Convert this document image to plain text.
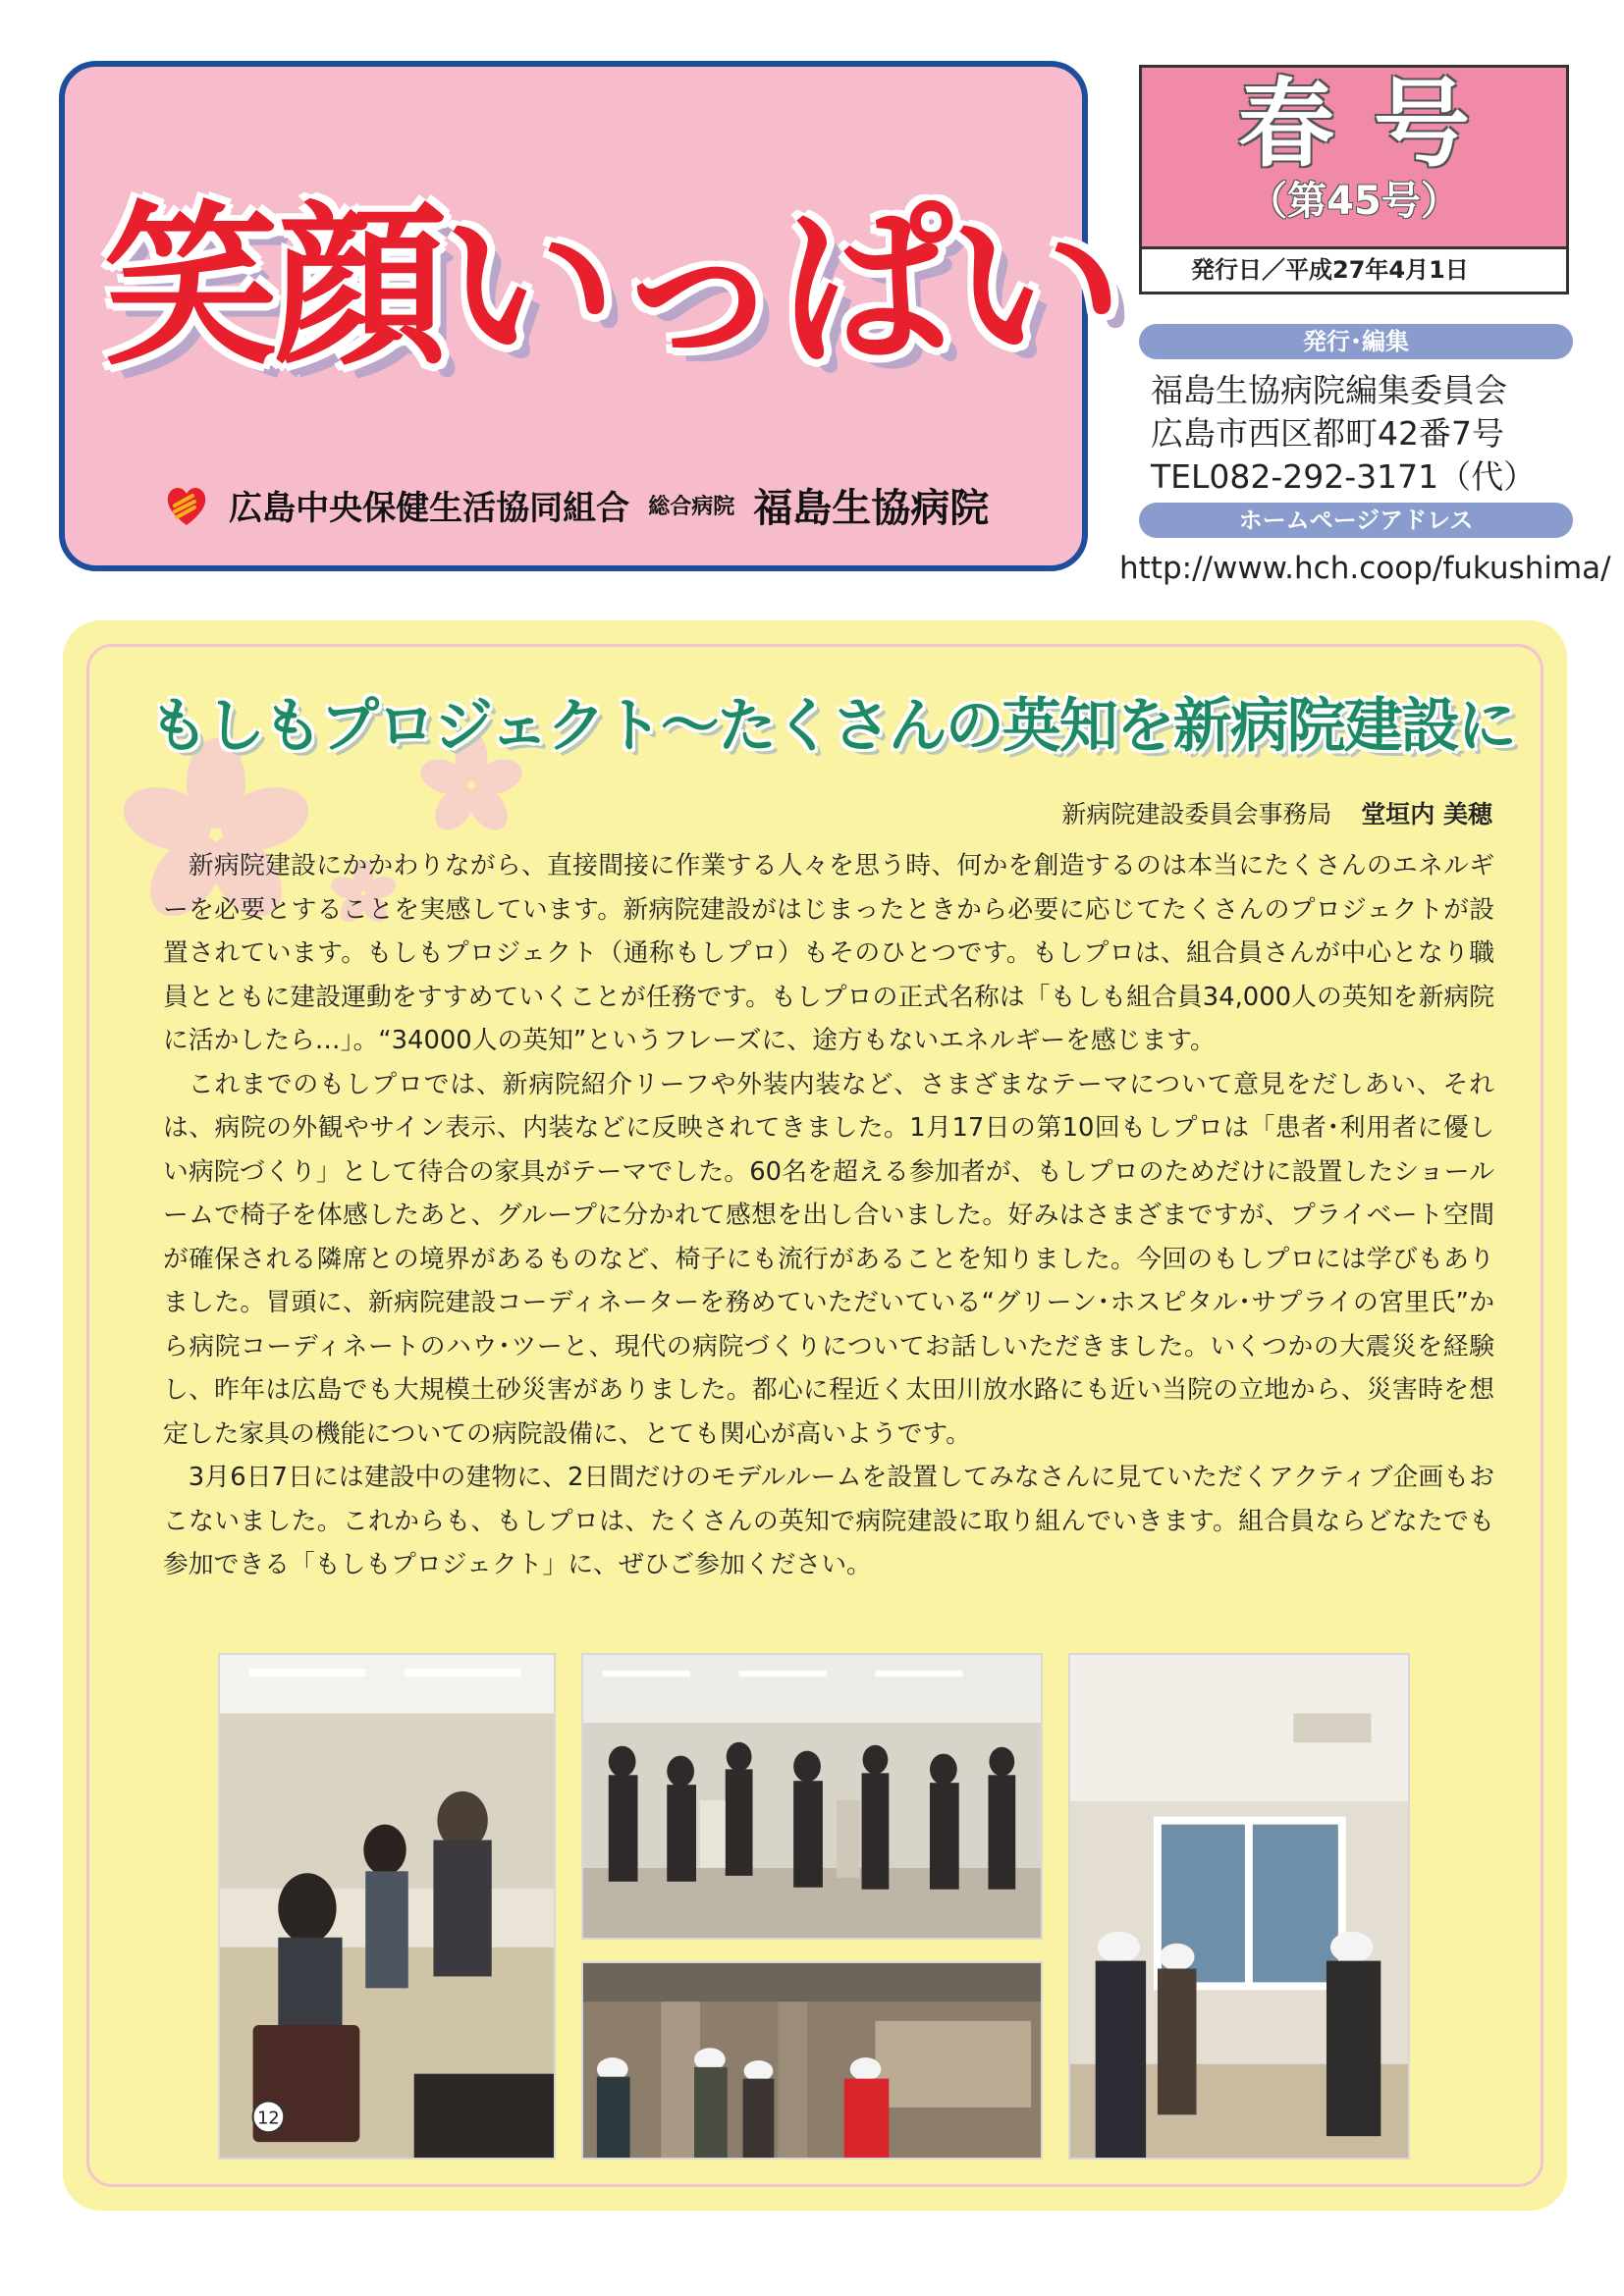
笑顔いっぱい
広島中央保健生活協同組合 総合病院 福島生協病院
春号
（第45号）
発行日／平成27年4月1日
発行･編集
福島生協病院編集委員会
広島市西区都町42番7号
TEL082-292-3171（代）
ホームページアドレス
http://www.hch.coop/fukushima/
もしもプロジェクト～たくさんの英知を新病院建設に
新病院建設委員会事務局 堂垣内 美穂

新病院建設にかかわりながら、直接間接に作業する人々を思う時、何かを創造するのは本当にたくさんのエネルギーを必要とすることを実感しています。新病院建設がはじまったときから必要に応じてたくさんのプロジェクトが設置されています。もしもプロジェクト（通称もしプロ）もそのひとつです。もしプロは、組合員さんが中心となり職員とともに建設運動をすすめていくことが任務です。もしプロの正式名称は「もしも組合員34,000人の英知を新病院に活かしたら…」。“34000人の英知”というフレーズに、途方もないエネルギーを感じます。

これまでのもしプロでは、新病院紹介リーフや外装内装など、さまざまなテーマについて意見をだしあい、それは、病院の外観やサイン表示、内装などに反映されてきました。1月17日の第10回もしプロは「患者･利用者に優しい病院づくり」として待合の家具がテーマでした。60名を超える参加者が、もしプロのためだけに設置したショールームで椅子を体感したあと、グループに分かれて感想を出し合いました。好みはさまざまですが、プライベート空間が確保される隣席との境界があるものなど、椅子にも流行があることを知りました。今回のもしプロには学びもありました。冒頭に、新病院建設コーディネーターを務めていただいている“グリーン･ホスピタル･サプライの宮里氏”から病院コーディネートのハウ･ツーと、現代の病院づくりについてお話しいただきました。いくつかの大震災を経験し、昨年は広島でも大規模土砂災害がありました。都心に程近く太田川放水路にも近い当院の立地から、災害時を想定した家具の機能についての病院設備に、とても関心が高いようです。

3月6日7日には建設中の建物に、2日間だけのモデルルームを設置してみなさんに見ていただくアクティブ企画もおこないました。これからも、もしプロは、たくさんの英知で病院建設に取り組んでいきます。組合員ならどなたでも参加できる「もしもプロジェクト」に、ぜひご参加ください。

12
